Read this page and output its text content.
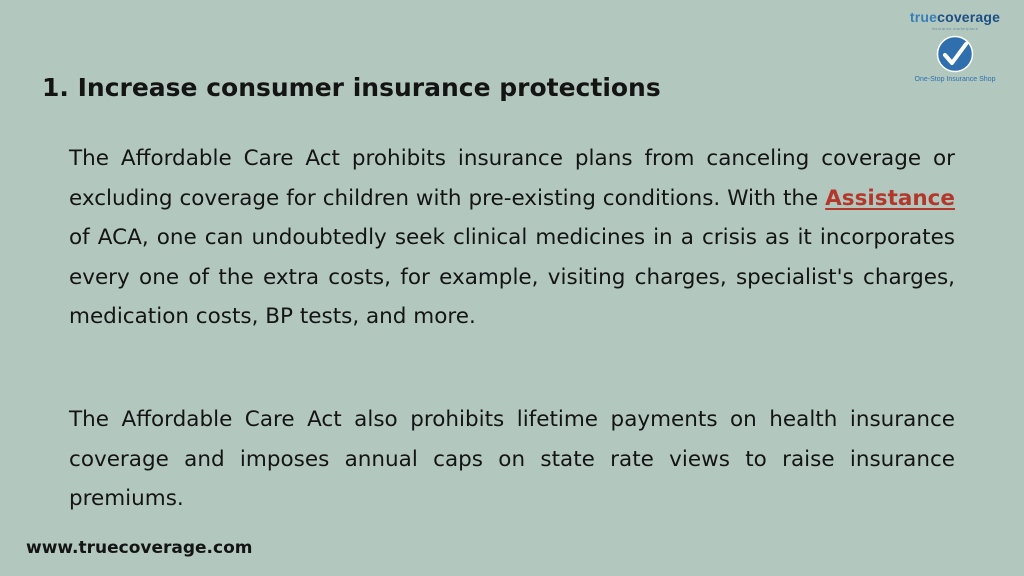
truecoverage
insurance marketplace
One-Stop Insurance Shop
1. Increase consumer insurance protections

The Affordable Care Act prohibits insurance plans from canceling coverage or excluding coverage for children with pre-existing conditions. With the Assistance of ACA, one can undoubtedly seek clinical medicines in a crisis as it incorporates every one of the extra costs, for example, visiting charges, specialist's charges, medication costs, BP tests, and more.

The Affordable Care Act also prohibits lifetime payments on health insurance coverage and imposes annual caps on state rate views to raise insurance premiums.

www.truecoverage.com
